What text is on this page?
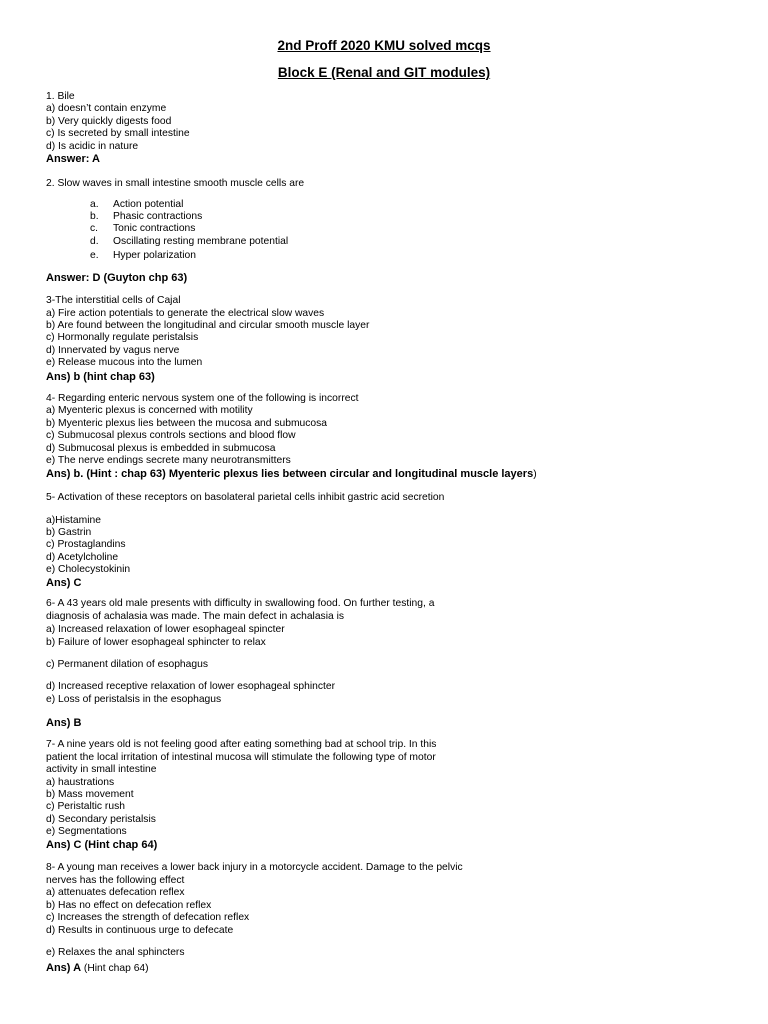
2nd Proff 2020 KMU solved mcqs
Block E (Renal and GIT modules)
1. Bile
a) doesn’t contain enzyme
b) Very quickly digests food
c) Is secreted by small intestine
d) Is acidic in nature
Answer: A
2. Slow waves in small intestine smooth muscle cells are
a. Action potential
b. Phasic contractions
c. Tonic contractions
d. Oscillating resting membrane potential
e. Hyper polarization
Answer: D (Guyton chp 63)
3-The interstitial cells of Cajal
a) Fire action potentials to generate the electrical slow waves
b) Are found between the longitudinal and circular smooth muscle layer
c) Hormonally regulate peristalsis
d) Innervated by vagus nerve
e) Release mucous into the lumen
Ans) b (hint chap 63)
4- Regarding enteric nervous system one of the following is incorrect
a) Myenteric plexus is concerned with motility
b) Myenteric plexus lies between the mucosa and submucosa
c) Submucosal plexus controls sections and blood flow
d) Submucosal plexus is embedded in submucosa
e) The nerve endings secrete many neurotransmitters
Ans) b. (Hint : chap 63) Myenteric plexus lies between circular and longitudinal muscle layers)
5- Activation of these receptors on basolateral parietal cells inhibit gastric acid secretion
a)Histamine
b) Gastrin
c) Prostaglandins
d) Acetylcholine
e) Cholecystokinin
Ans) C
6- A 43 years old male presents with difficulty in swallowing food. On further testing, a
diagnosis of achalasia was made. The main defect in achalasia is
a) Increased relaxation of lower esophageal spincter
b) Failure of lower esophageal sphincter to relax
c) Permanent dilation of esophagus
d) Increased receptive relaxation of lower esophageal sphincter
e) Loss of peristalsis in the esophagus
Ans) B
7- A nine years old is not feeling good after eating something bad at school trip. In this
patient the local irritation of intestinal mucosa will stimulate the following type of motor
activity in small intestine
a) haustrations
b) Mass movement
c) Peristaltic rush
d) Secondary peristalsis
e) Segmentations
Ans) C (Hint chap 64)
8- A young man receives a lower back injury in a motorcycle accident. Damage to the pelvic
nerves has the following effect
a) attenuates defecation reflex
b) Has no effect on defecation reflex
c) Increases the strength of defecation reflex
d) Results in continuous urge to defecate
e) Relaxes the anal sphincters
Ans) A (Hint chap 64)
